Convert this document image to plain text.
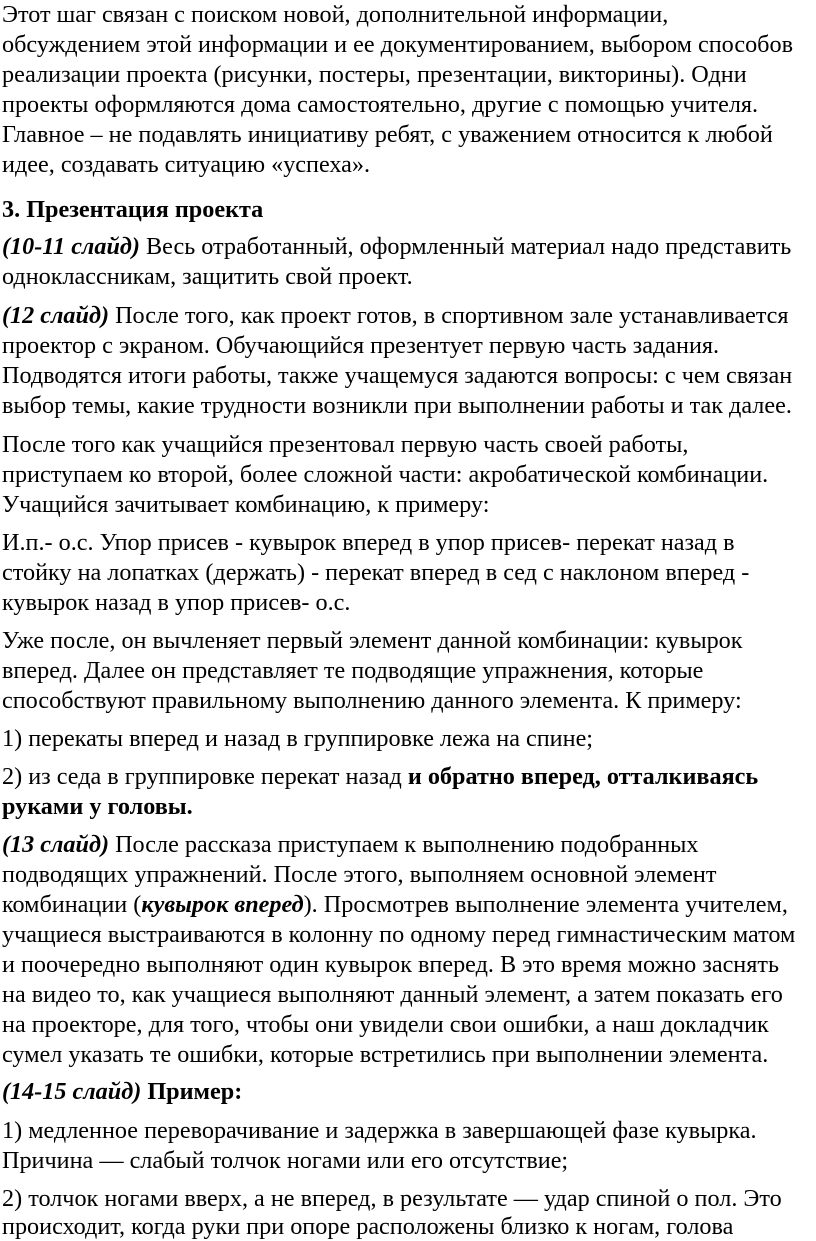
Этот шаг связан с поиском новой, дополнительной информации,
обсуждением этой информации и ее документированием, выбором способов
реализации проекта (рисунки, постеры, презентации, викторины). Одни
проекты оформляются дома самостоятельно, другие с помощью учителя.
Главное – не подавлять инициативу ребят, с уважением относится к любой
идее, создавать ситуацию «успеха».
3. Презентация проекта
(10-11 слайд) Весь отработанный, оформленный материал надо представить
одноклассникам, защитить свой проект.
(12 слайд) После того, как проект готов, в спортивном зале устанавливается
проектор с экраном. Обучающийся презентует первую часть задания.
Подводятся итоги работы, также учащемуся задаются вопросы: с чем связан
выбор темы, какие трудности возникли при выполнении работы и так далее.
После того как учащийся презентовал первую часть своей работы,
приступаем ко второй, более сложной части: акробатической комбинации.
Учащийся зачитывает комбинацию, к примеру:
И.п.- о.с. Упор присев - кувырок вперед в упор присев- перекат назад в
стойку на лопатках (держать) - перекат вперед в сед с наклоном вперед -
кувырок назад в упор присев- о.с.
Уже после, он вычленяет первый элемент данной комбинации: кувырок
вперед. Далее он представляет те подводящие упражнения, которые
способствуют правильному выполнению данного элемента. К примеру:
1) перекаты вперед и назад в группировке лежа на спине;
2) из седа в группировке перекат назад и обратно вперед, отталкиваясь
руками у головы.
(13 слайд) После рассказа приступаем к выполнению подобранных
подводящих упражнений. После этого, выполняем основной элемент
комбинации (кувырок вперед). Просмотрев выполнение элемента учителем,
учащиеся выстраиваются в колонну по одному перед гимнастическим матом
и поочередно выполняют один кувырок вперед. В это время можно заснять
на видео то, как учащиеся выполняют данный элемент, а затем показать его
на проекторе, для того, чтобы они увидели свои ошибки, а наш докладчик
сумел указать те ошибки, которые встретились при выполнении элемента.
(14-15 слайд) Пример:
1) медленное переворачивание и задержка в завершающей фазе кувырка.
Причина — слабый толчок ногами или его отсутствие;
2) толчок ногами вверх, а не вперед, в результате — удар спиной о пол. Это
происходит, когда руки при опоре расположены близко к ногам, голова
